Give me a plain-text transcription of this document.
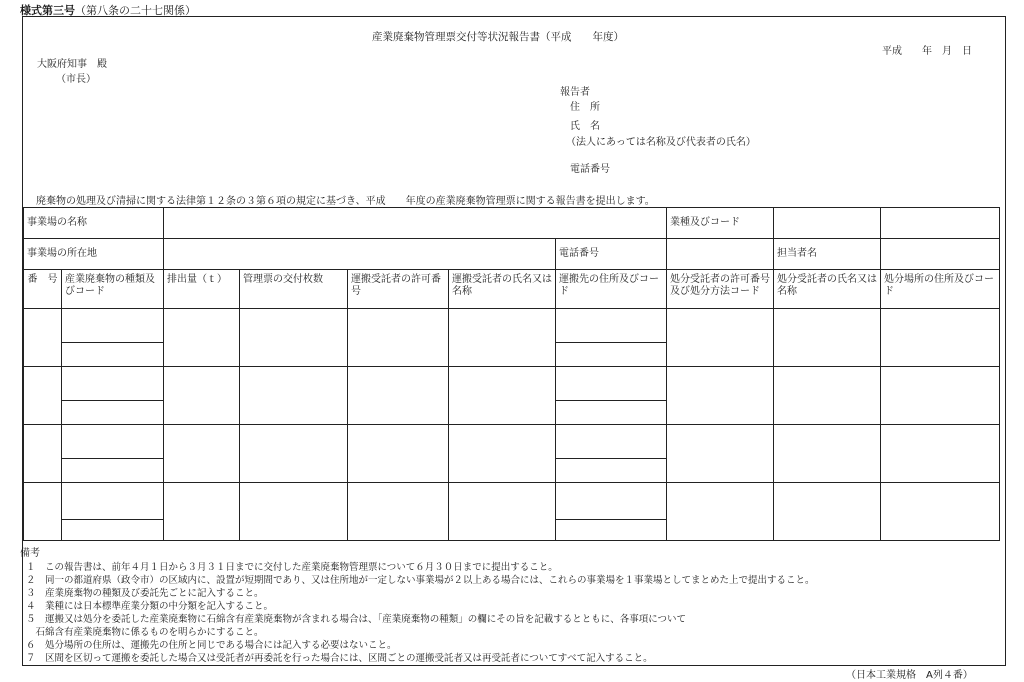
様式第三号（第八条の二十七関係）
産業廃棄物管理票交付等状況報告書（平成　　年度）
平成　　年　月　日
大阪府知事　殿
（市長）
報告者
住　所
氏　名
（法人にあっては名称及び代表者の氏名）
電話番号
廃棄物の処理及び清掃に関する法律第１２条の３第６項の規定に基づき、平成　　年度の産業廃棄物管理票に関する報告書を提出します。
事業場の名称							業種及びコード		
事業場の所在地						電話番号		担当者名	
番　号	産業廃棄物の種類及びコード	排出量（ｔ）	管理票の交付枚数	運搬受託者の許可番号	運搬受託者の氏名又は名称	運搬先の住所及びコード	処分受託者の許可番号及び処分方法コード	処分受託者の氏名又は名称	処分場所の住所及びコード

備考
１　この報告書は、前年４月１日から３月３１日までに交付した産業廃棄物管理票について６月３０日までに提出すること。
２　同一の都道府県（政令市）の区域内に、設置が短期間であり、又は住所地が一定しない事業場が２以上ある場合には、これらの事業場を１事業場としてまとめた上で提出すること。
３　産業廃棄物の種類及び委託先ごとに記入すること。
４　業種には日本標準産業分類の中分類を記入すること。
５　運搬又は処分を委託した産業廃棄物に石綿含有産業廃棄物が含まれる場合は、「産業廃棄物の種類」の欄にその旨を記載するとともに、各事項について
　石綿含有産業廃棄物に係るものを明らかにすること。
６　処分場所の住所は、運搬先の住所と同じである場合には記入する必要はないこと。
７　区間を区切って運搬を委託した場合又は受託者が再委託を行った場合には、区間ごとの運搬受託者又は再受託者についてすべて記入すること。
（日本工業規格　A列４番）
